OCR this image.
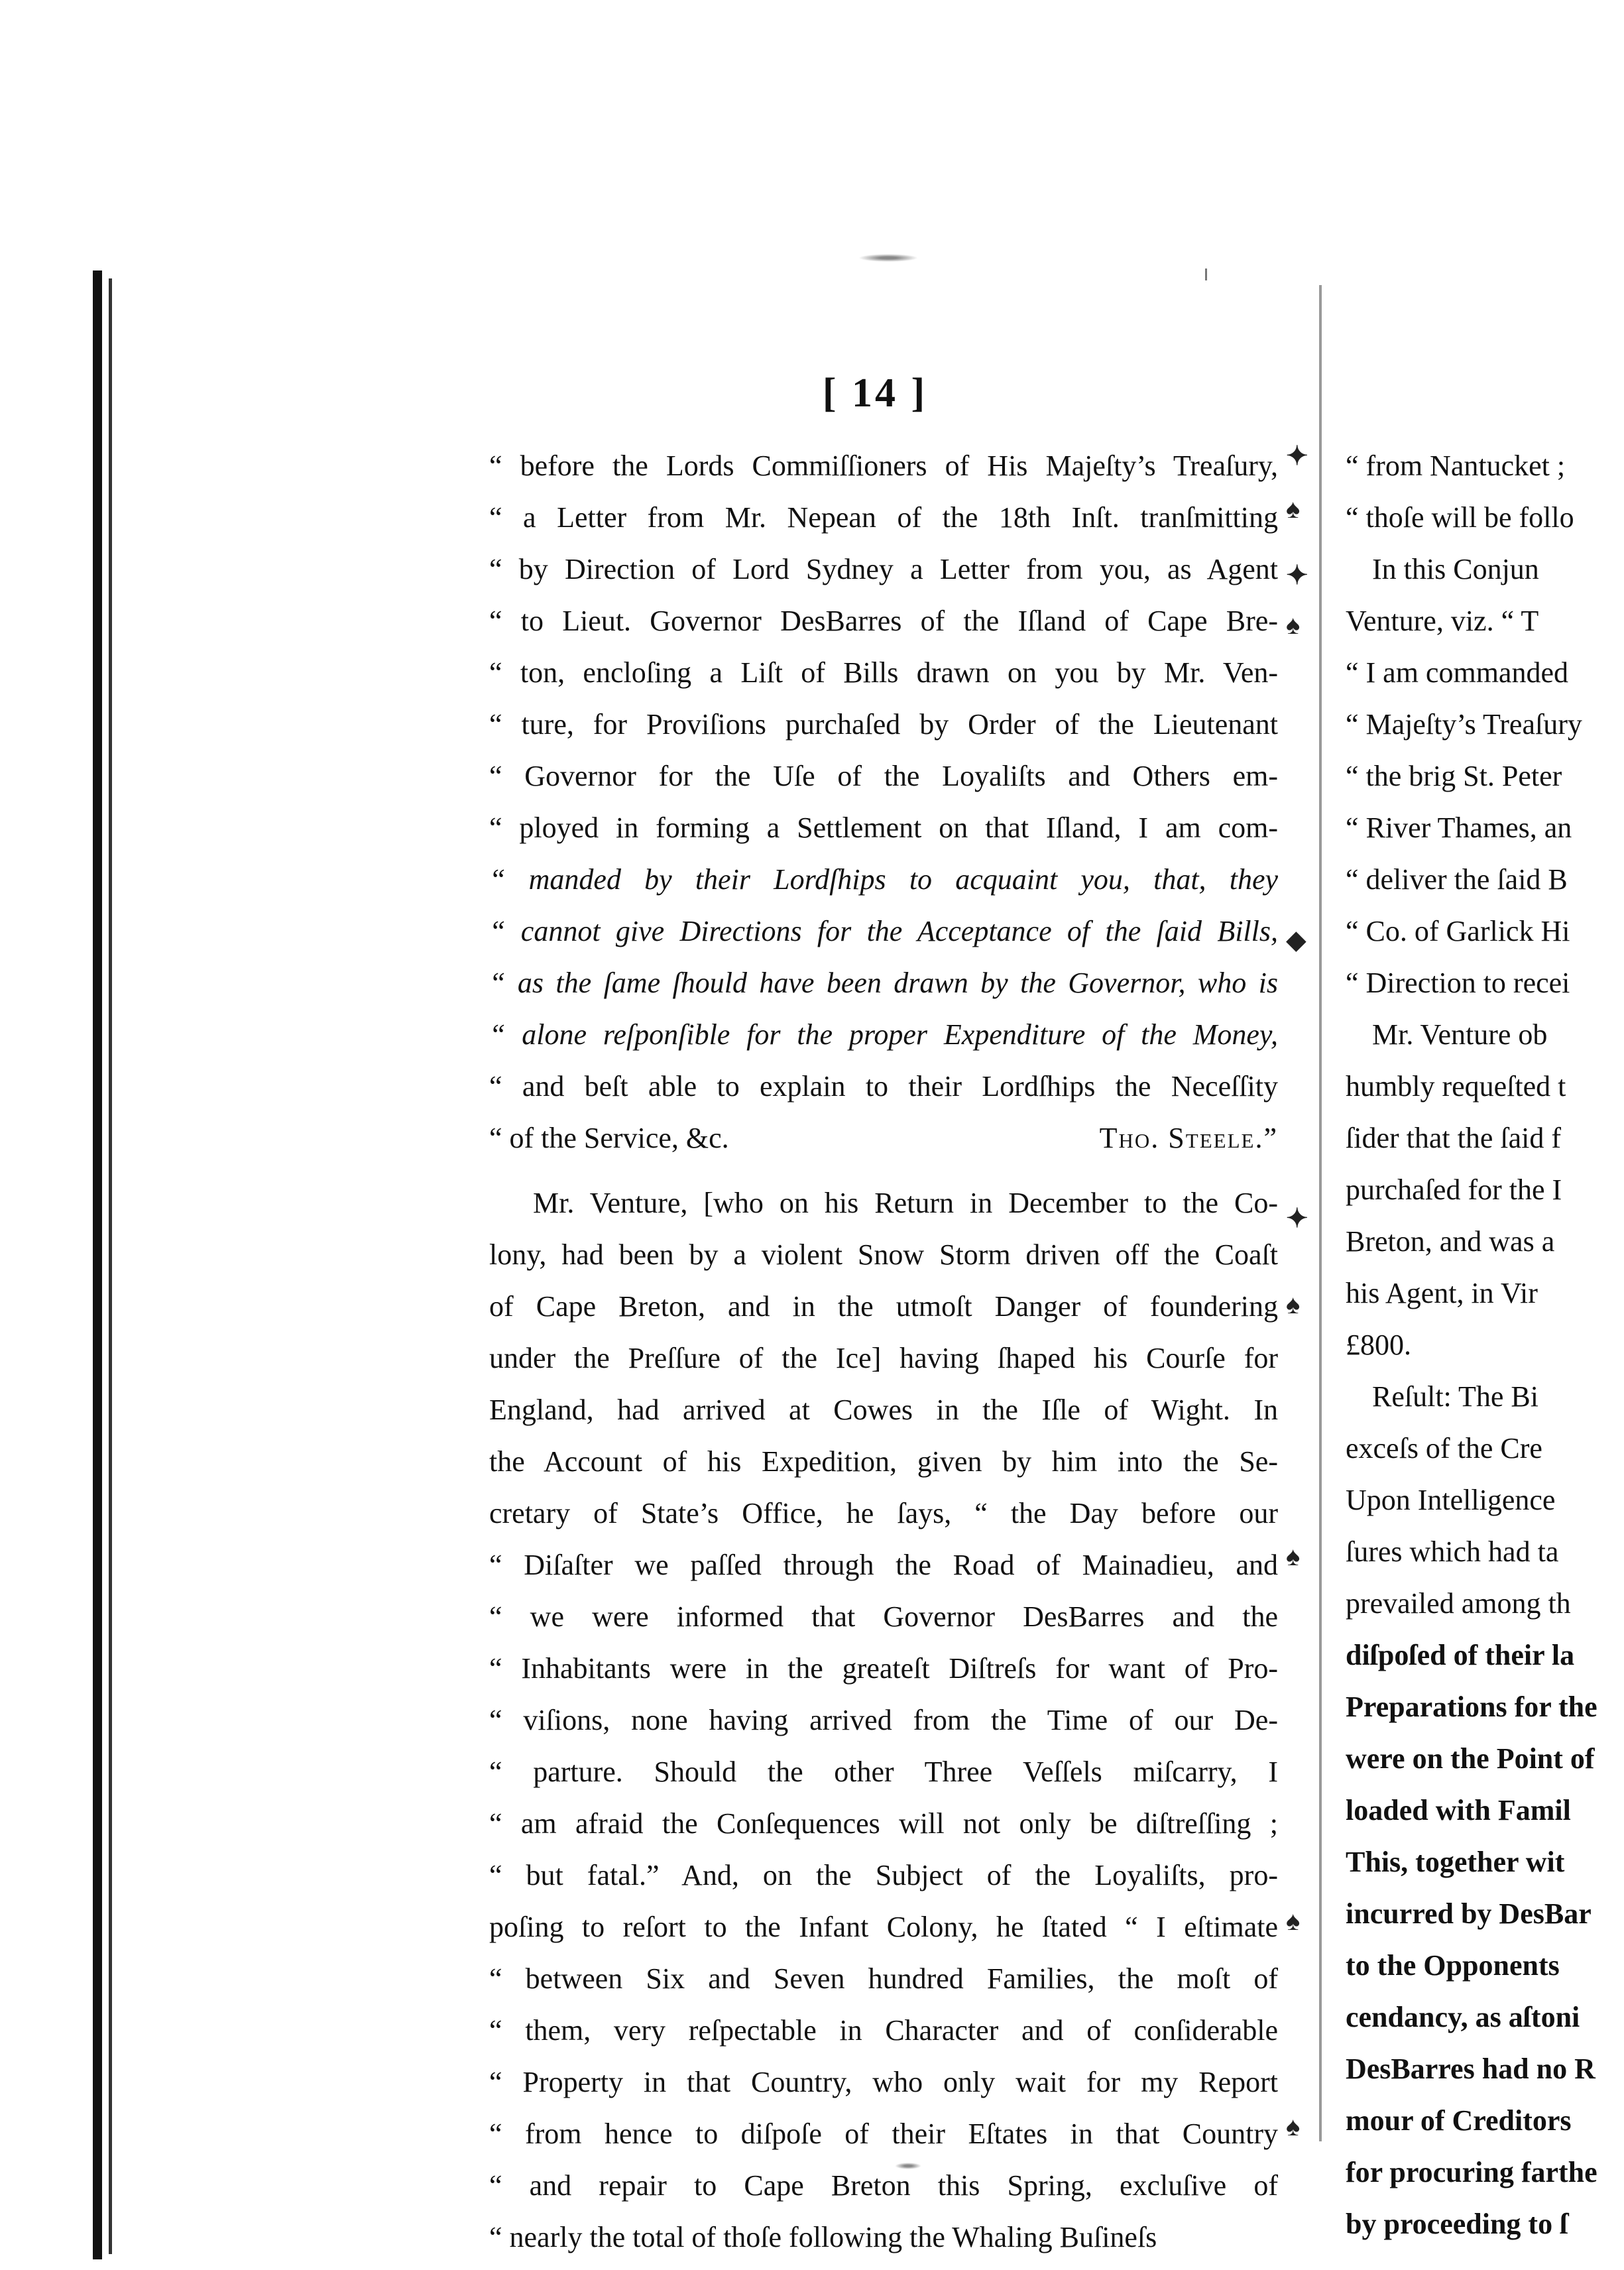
[ 14 ]
“ before the Lords Commiſſioners of His Majeſty’s Treaſury,
“ a Letter from Mr. Nepean of the 18th Inſt. tranſmitting
“ by Direction of Lord Sydney a Letter from you, as Agent
“ to Lieut. Governor DesBarres of the Iſland of Cape Bre-
“ ton, encloſing a Liſt of Bills drawn on you by Mr. Ven-
“ ture, for Proviſions purchaſed by Order of the Lieutenant
“ Governor for the Uſe of the Loyaliſts and Others em-
“ ployed in forming a Settlement on that Iſland, I am com-
“ manded by their Lordſhips to acquaint you, that, they
“ cannot give Directions for the Acceptance of the ſaid Bills,
“ as the ſame ſhould have been drawn by the Governor, who is
“ alone reſponſible for the proper Expenditure of the Money,
“ and beſt able to explain to their Lordſhips the Neceſſity
“ of the Service, &c.	Tho. Steele.”
Mr. Venture, [who on his Return in December to the Co-
lony, had been by a violent Snow Storm driven off the Coaſt
of Cape Breton, and in the utmoſt Danger of foundering
under the Preſſure of the Ice] having ſhaped his Courſe for
England, had arrived at Cowes in the Iſle of Wight. In
the Account of his Expedition, given by him into the Se-
cretary of State’s Office, he ſays, “ the Day before our
“ Diſaſter we paſſed through the Road of Mainadieu, and
“ we were informed that Governor DesBarres and the
“ Inhabitants were in the greateſt Diſtreſs for want of Pro-
“ viſions, none having arrived from the Time of our De-
“ parture. Should the other Three Veſſels miſcarry, I
“ am afraid the Conſequences will not only be diſtreſſing ;
“ but fatal.” And, on the Subject of the Loyaliſts, pro-
poſing to reſort to the Infant Colony, he ſtated “ I eſtimate
“ between Six and Seven hundred Families, the moſt of
“ them, very reſpectable in Character and of conſiderable
“ Property in that Country, who only wait for my Report
“ from hence to diſpoſe of their Eſtates in that Country
“ and repair to Cape Breton this Spring, excluſive of
“ nearly the total of thoſe following the Whaling Buſineſs
✦
♠
✦
♠
◆
✦
♠
♠
♠
♠
“ from Nantucket ;
“ thoſe will be follo
In this Conjun
Venture, viz. “ T
“ I am commanded
“ Majeſty’s Treaſury
“ the brig St. Peter
“ River Thames, an
“ deliver the ſaid B
“ Co. of Garlick Hi
“ Direction to recei
Mr. Venture ob
humbly requeſted t
ſider that the ſaid f
purchaſed for the I
Breton, and was a
his Agent, in Vir
£800.
Reſult: The Bi
exceſs of the Cre
Upon Intelligence
ſures which had ta
prevailed among th
diſpoſed of their la
Preparations for the
were on the Point of
loaded with Famil
This, together wit
incurred by DesBar
to the Opponents
cendancy, as aſtoni
DesBarres had no R
mour of Creditors
for procuring farthe
by proceeding to ſ
